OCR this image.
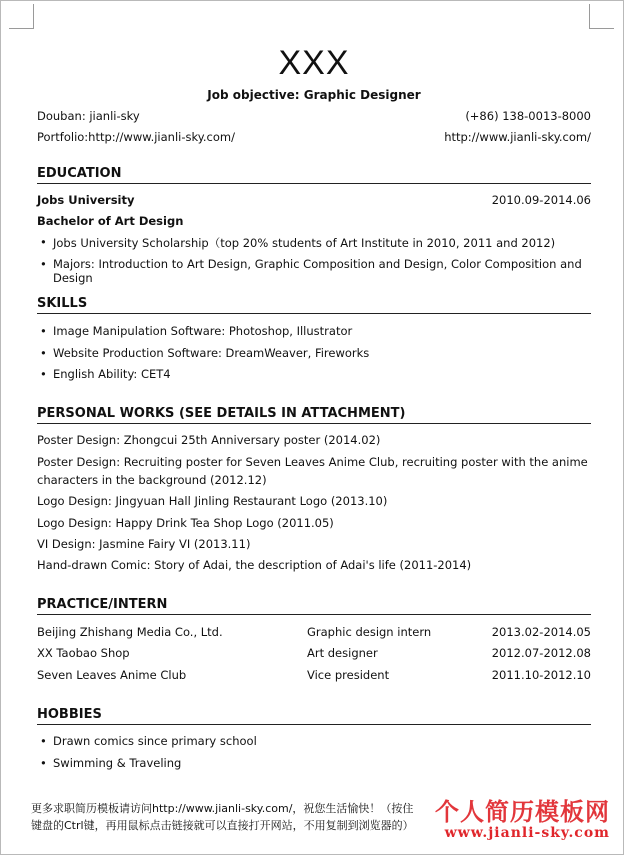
XXX
Job objective: Graphic Designer
Douban: jianli-sky	(+86) 138-0013-8000
Portfolio:http://www.jianli-sky.com/	http://www.jianli-sky.com/
EDUCATION
Jobs University	2010.09-2014.06
Bachelor of Art Design
• Jobs University Scholarship（top 20% students of Art Institute in 2010, 2011 and 2012)
• Majors: Introduction to Art Design, Graphic Composition and Design, Color Composition and Design
SKILLS
• Image Manipulation Software: Photoshop, Illustrator
• Website Production Software: DreamWeaver, Fireworks
• English Ability: CET4
PERSONAL WORKS (SEE DETAILS IN ATTACHMENT)
Poster Design: Zhongcui 25th Anniversary poster (2014.02)
Poster Design: Recruiting poster for Seven Leaves Anime Club, recruiting poster with the anime characters in the background (2012.12)
Logo Design: Jingyuan Hall Jinling Restaurant Logo (2013.10)
Logo Design: Happy Drink Tea Shop Logo (2011.05)
VI Design: Jasmine Fairy VI (2013.11)
Hand-drawn Comic: Story of Adai, the description of Adai's life (2011-2014)
PRACTICE/INTERN
Beijing Zhishang Media Co., Ltd.	Graphic design intern	2013.02-2014.05
XX Taobao Shop	Art designer	2012.07-2012.08
Seven Leaves Anime Club	Vice president	2011.10-2012.10
HOBBIES
• Drawn comics since primary school
• Swimming & Traveling
更多求职简历模板请访问http://www.jianli-sky.com/，祝您生活愉快！（按住键盘的Ctrl键，再用鼠标点击链接就可以直接打开网站，不用复制到浏览器的） 个人简历模板网
www.jianli-sky.com
